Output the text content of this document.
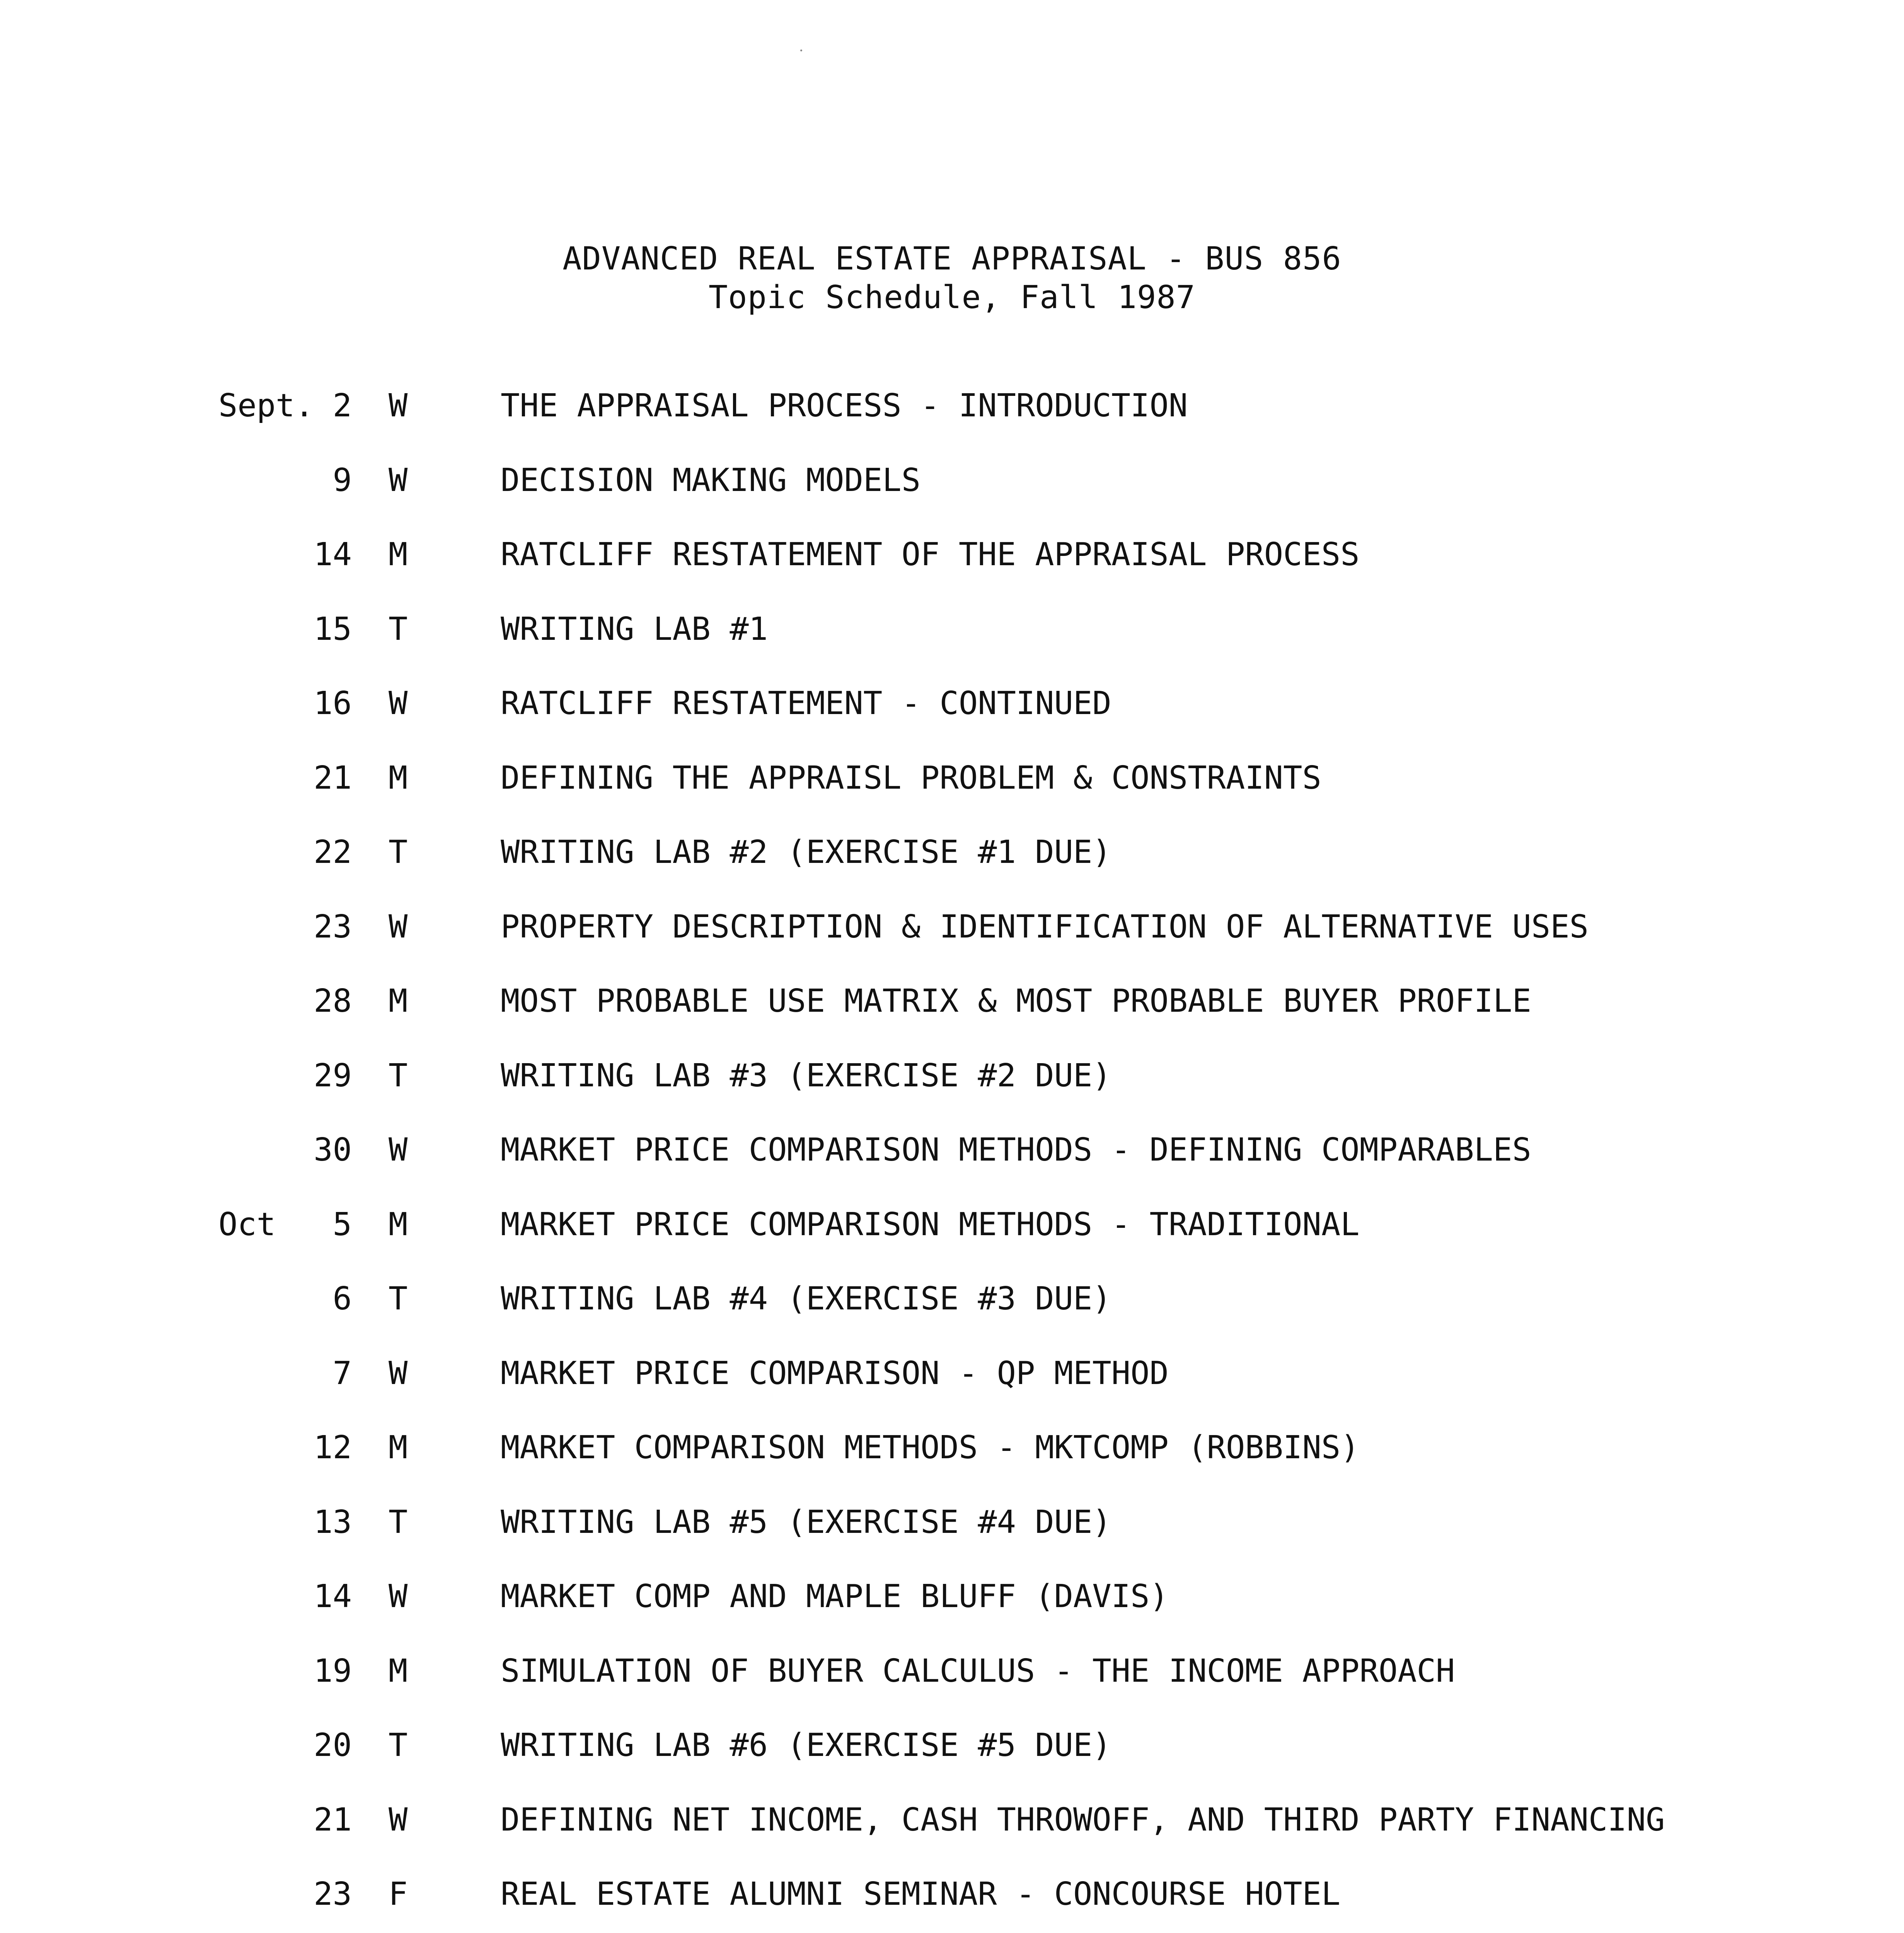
ADVANCED REAL ESTATE APPRAISAL - BUS 856
Topic Schedule, Fall 1987
Sept. 2 W	THE APPRAISAL PROCESS - INTRODUCTION
9 W	DECISION MAKING MODELS
14 M	RATCLIFF RESTATEMENT OF THE APPRAISAL PROCESS
15 T	WRITING LAB #1
16 W	RATCLIFF RESTATEMENT - CONTINUED
21 M	DEFINING THE APPRAISL PROBLEM & CONSTRAINTS
22 T	WRITING LAB #2 (EXERCISE #1 DUE)
23 W	PROPERTY DESCRIPTION & IDENTIFICATION OF ALTERNATIVE USES
28 M	MOST PROBABLE USE MATRIX & MOST PROBABLE BUYER PROFILE
29 T	WRITING LAB #3 (EXERCISE #2 DUE)
30 W	MARKET PRICE COMPARISON METHODS - DEFINING COMPARABLES
Oct	5 M	MARKET PRICE COMPARISON METHODS - TRADITIONAL
6 T	WRITING LAB #4 (EXERCISE #3 DUE)
7 W	MARKET PRICE COMPARISON - QP METHOD
12 M	MARKET COMPARISON METHODS - MKTCOMP (ROBBINS)
13 T	WRITING LAB #5 (EXERCISE #4 DUE)
14 W	MARKET COMP AND MAPLE BLUFF (DAVIS)
19 M	SIMULATION OF BUYER CALCULUS - THE INCOME APPROACH
20 T	WRITING LAB #6 (EXERCISE #5 DUE)
21 W	DEFINING NET INCOME, CASH THROWOFF, AND THIRD PARTY FINANCING
23 F	REAL ESTATE ALUMNI SEMINAR - CONCOURSE HOTEL
